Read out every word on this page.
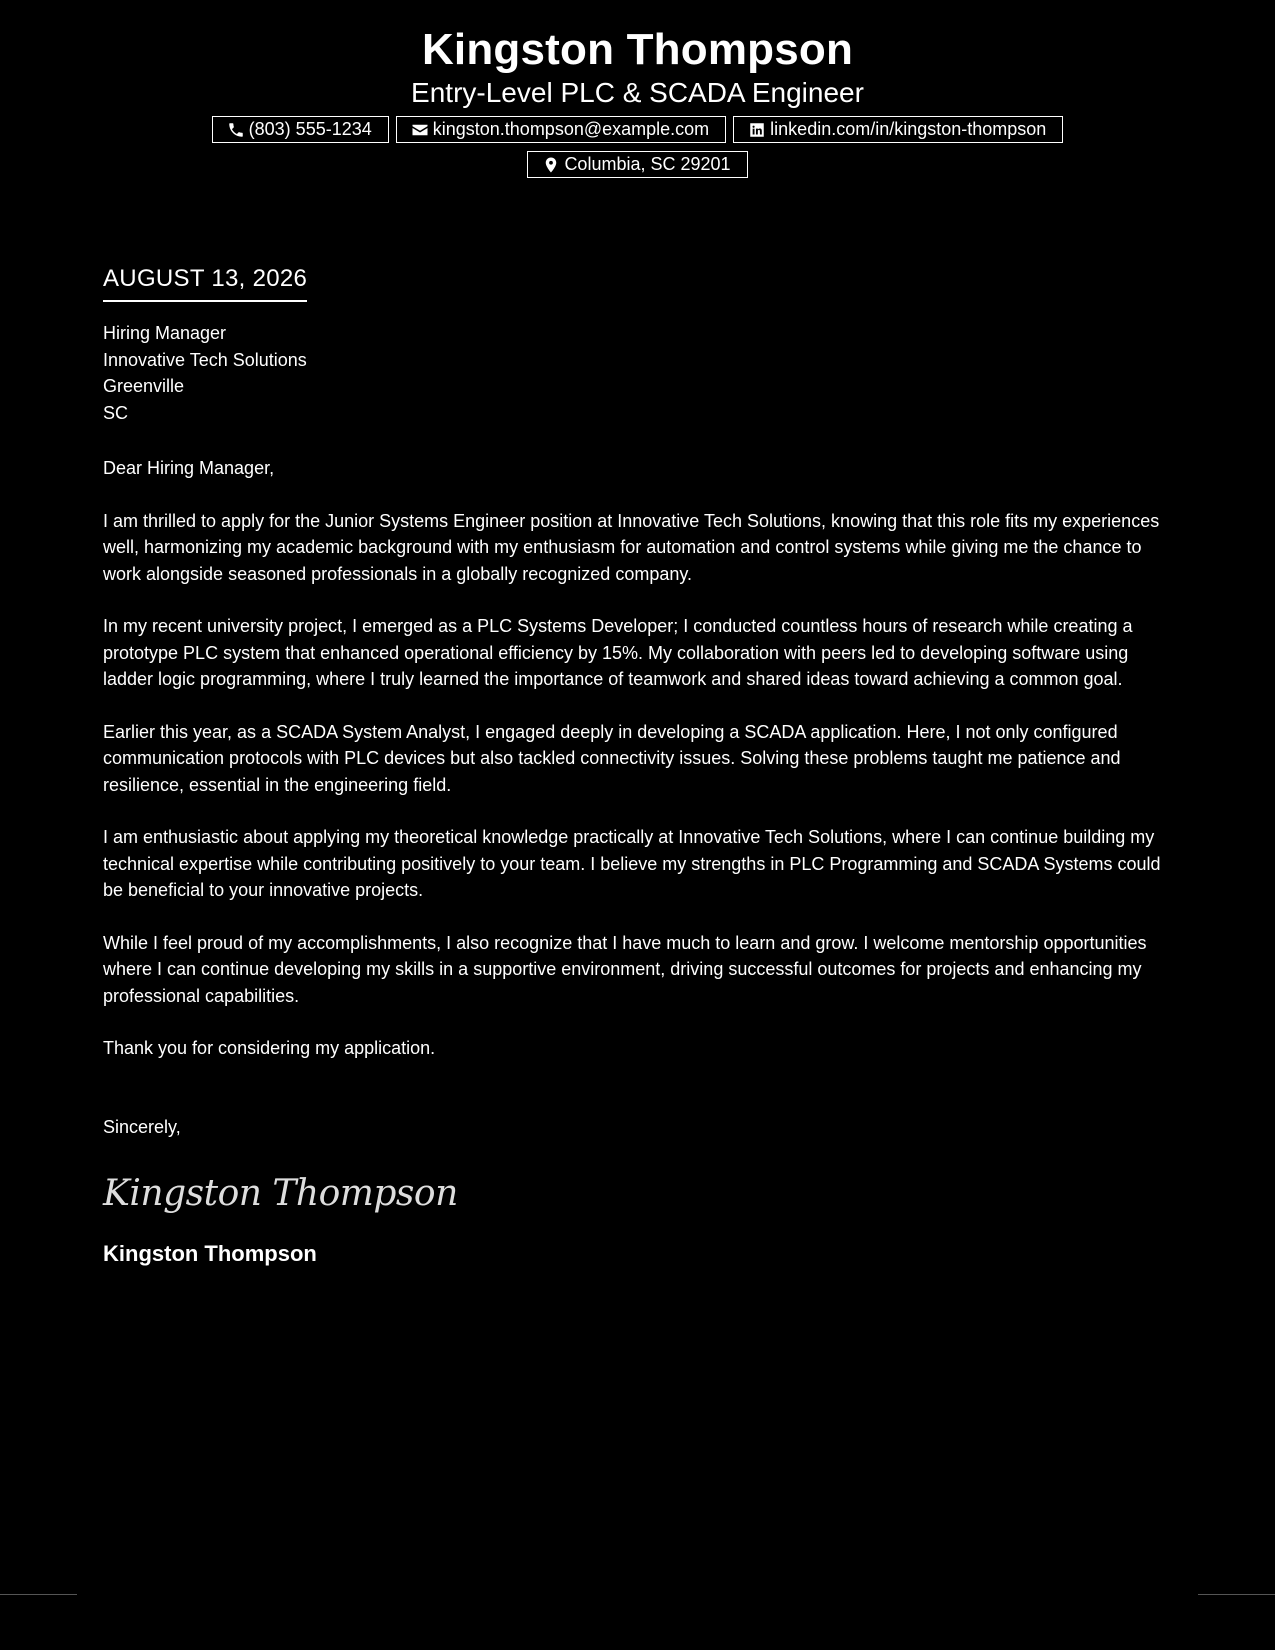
Kingston Thompson
Entry-Level PLC & SCADA Engineer
(803) 555-1234	kingston.thompson@example.com	linkedin.com/in/kingston-thompson
Columbia, SC 29201
AUGUST 13, 2026
Hiring Manager
Innovative Tech Solutions
Greenville
SC
Dear Hiring Manager,
I am thrilled to apply for the Junior Systems Engineer position at Innovative Tech Solutions, knowing that this role fits my experiences well, harmonizing my academic background with my enthusiasm for automation and control systems while giving me the chance to work alongside seasoned professionals in a globally recognized company.
In my recent university project, I emerged as a PLC Systems Developer; I conducted countless hours of research while creating a prototype PLC system that enhanced operational efficiency by 15%. My collaboration with peers led to developing software using ladder logic programming, where I truly learned the importance of teamwork and shared ideas toward achieving a common goal.
Earlier this year, as a SCADA System Analyst, I engaged deeply in developing a SCADA application. Here, I not only configured communication protocols with PLC devices but also tackled connectivity issues. Solving these problems taught me patience and resilience, essential in the engineering field.
I am enthusiastic about applying my theoretical knowledge practically at Innovative Tech Solutions, where I can continue building my technical expertise while contributing positively to your team. I believe my strengths in PLC Programming and SCADA Systems could be beneficial to your innovative projects.
While I feel proud of my accomplishments, I also recognize that I have much to learn and grow. I welcome mentorship opportunities where I can continue developing my skills in a supportive environment, driving successful outcomes for projects and enhancing my professional capabilities.
Thank you for considering my application.
Sincerely,
Kingston Thompson
Kingston Thompson
